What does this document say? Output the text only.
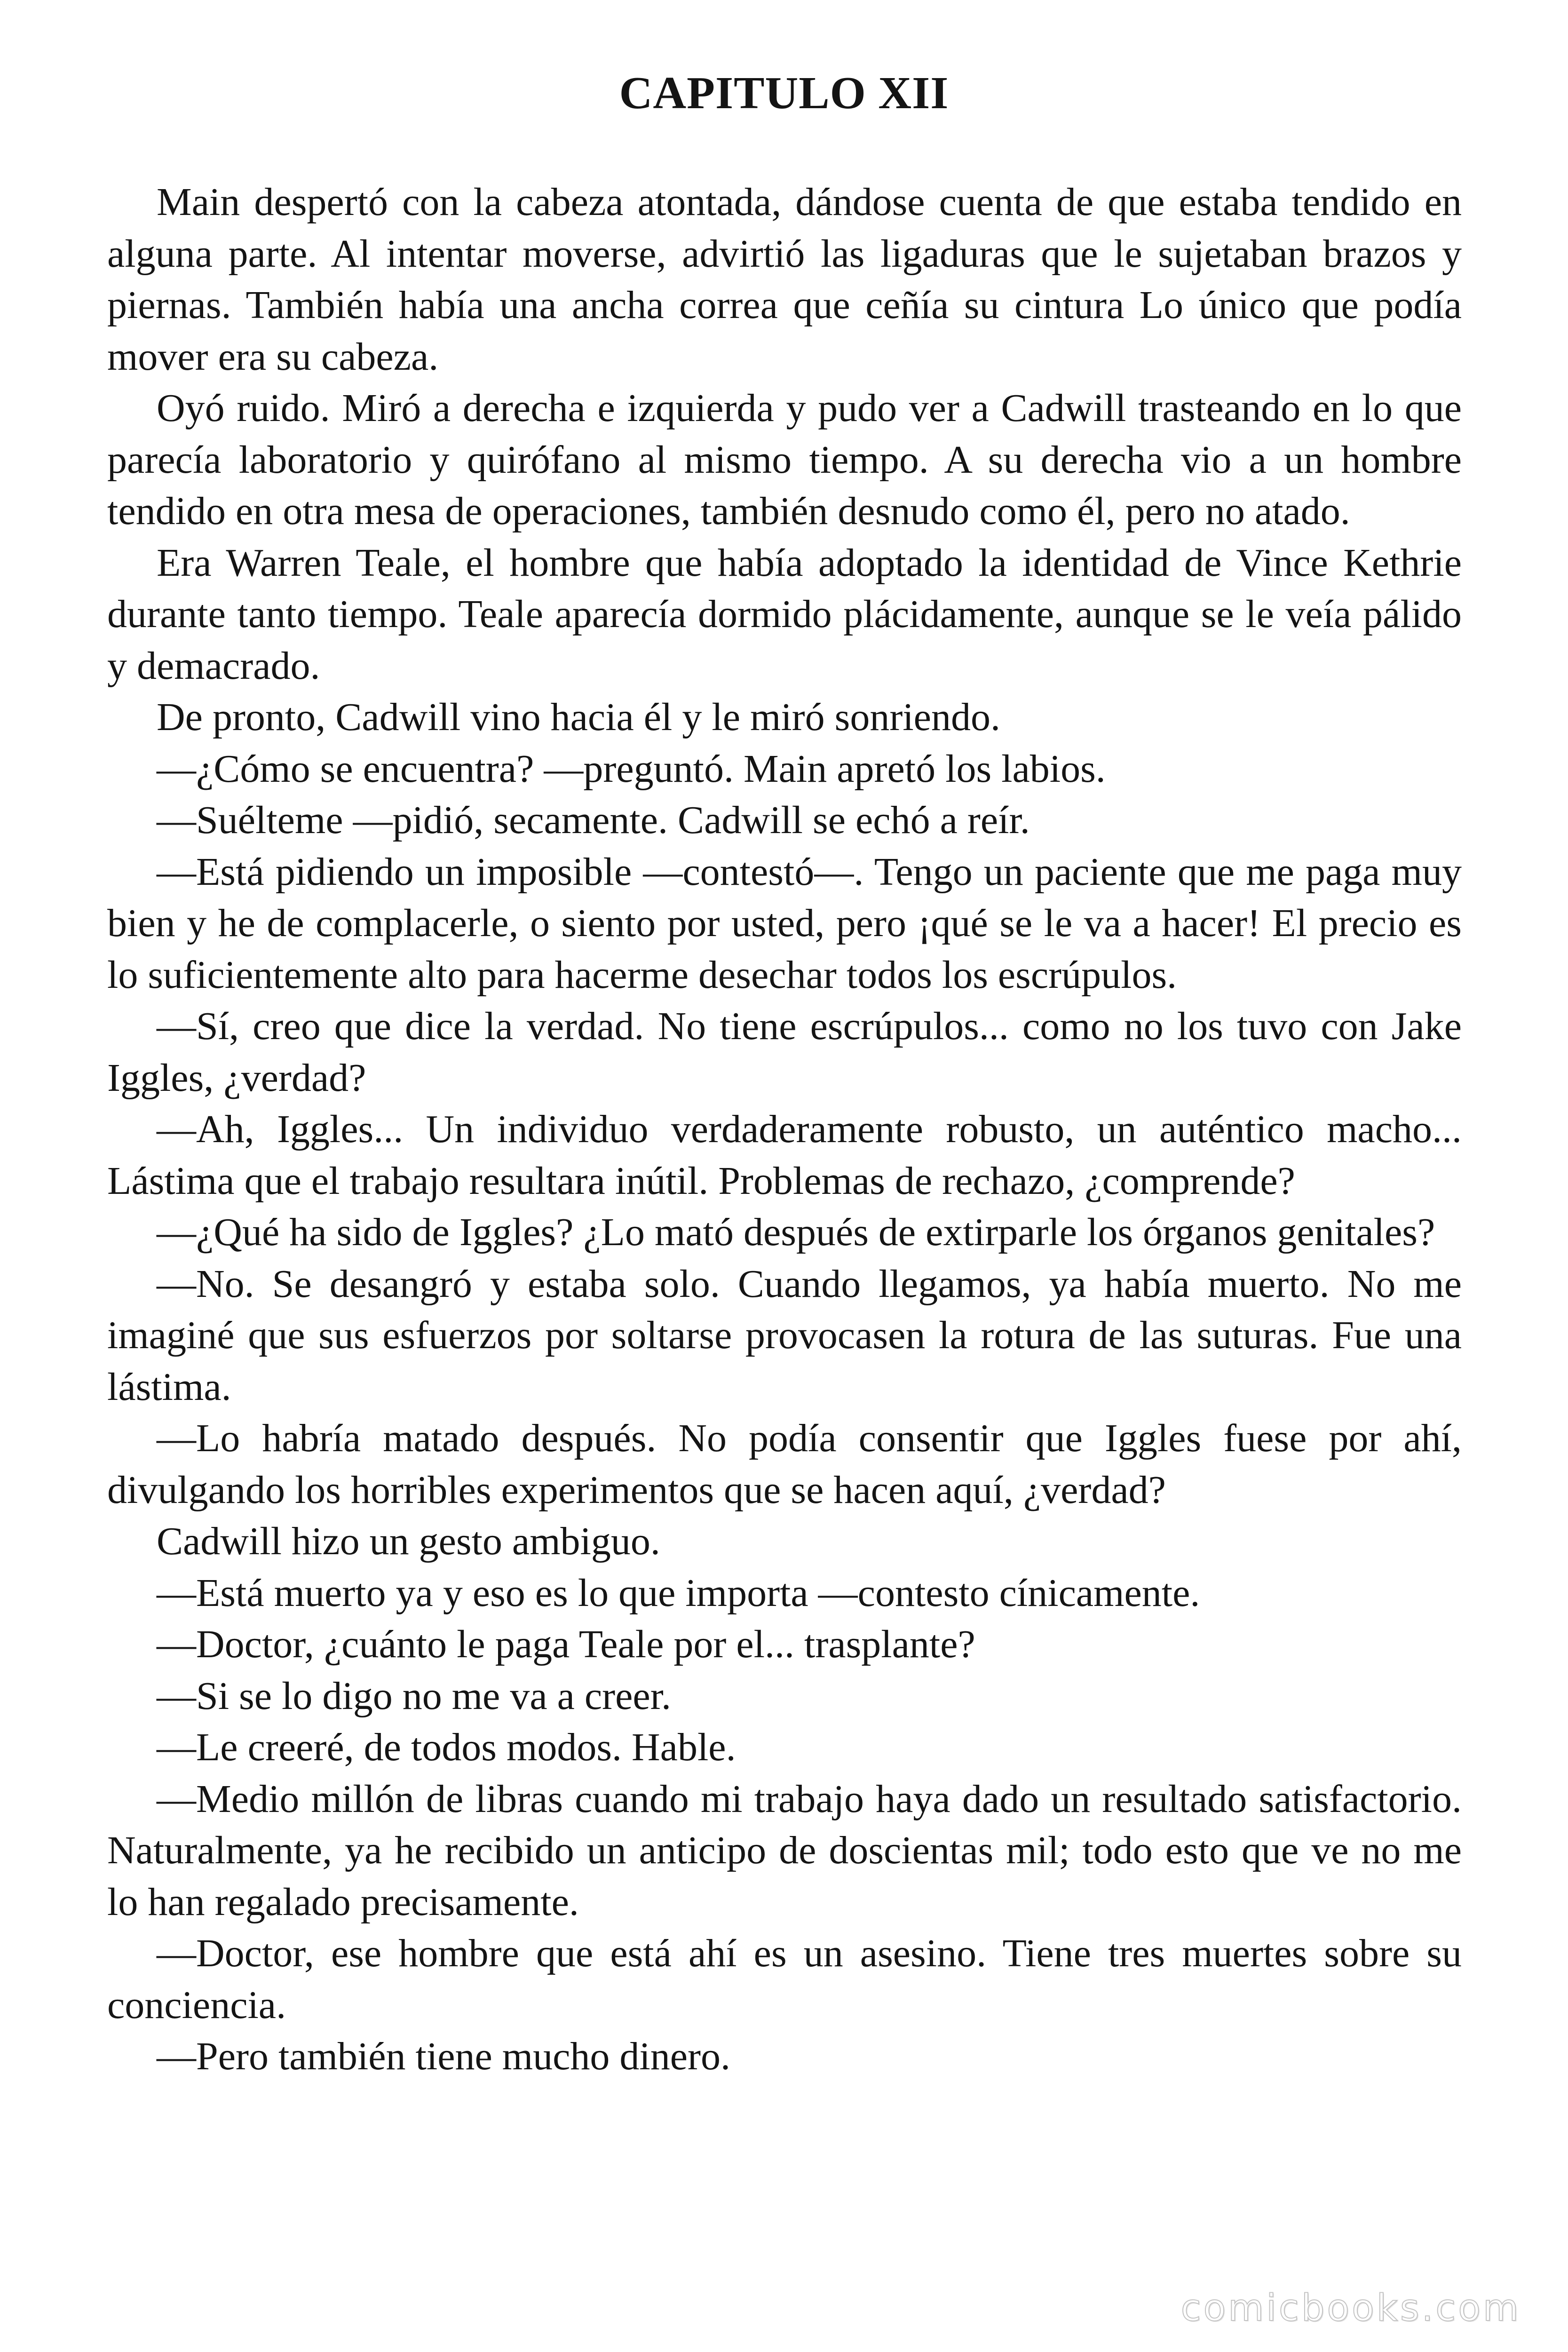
CAPITULO XII

Main despertó con la cabeza atontada, dándose cuenta de que estaba tendido en alguna parte. Al intentar moverse, advirtió las ligaduras que le sujetaban brazos y piernas. También había una ancha correa que ceñía su cintura Lo único que podía mover era su cabeza.

Oyó ruido. Miró a derecha e izquierda y pudo ver a Cadwill trasteando en lo que parecía laboratorio y quirófano al mismo tiempo. A su derecha vio a un hombre tendido en otra mesa de operaciones, también desnudo como él, pero no atado.

Era Warren Teale, el hombre que había adoptado la identidad de Vince Kethrie durante tanto tiempo. Teale aparecía dormido plácidamente, aunque se le veía pálido y demacrado.

De pronto, Cadwill vino hacia él y le miró sonriendo.

—¿Cómo se encuentra? —preguntó. Main apretó los labios.

—Suélteme —pidió, secamente. Cadwill se echó a reír.

—Está pidiendo un imposible —contestó—. Tengo un paciente que me paga muy bien y he de complacerle, o siento por usted, pero ¡qué se le va a hacer! El precio es lo suficientemente alto para hacerme desechar todos los escrúpulos.

—Sí, creo que dice la verdad. No tiene escrúpulos... como no los tuvo con Jake Iggles, ¿verdad?

—Ah, Iggles... Un individuo verdaderamente robusto, un auténtico macho... Lástima que el trabajo resultara inútil. Problemas de rechazo, ¿comprende?

—¿Qué ha sido de Iggles? ¿Lo mató después de extirparle los órganos genitales?

—No. Se desangró y estaba solo. Cuando llegamos, ya había muerto. No me imaginé que sus esfuerzos por soltarse provocasen la rotura de las suturas. Fue una lástima.

—Lo habría matado después. No podía consentir que Iggles fuese por ahí, divulgando los horribles experimentos que se hacen aquí, ¿verdad?

Cadwill hizo un gesto ambiguo.

—Está muerto ya y eso es lo que importa —contesto cínicamente.

—Doctor, ¿cuánto le paga Teale por el... trasplante?

—Si se lo digo no me va a creer.

—Le creeré, de todos modos. Hable.

—Medio millón de libras cuando mi trabajo haya dado un resultado satisfactorio. Naturalmente, ya he recibido un anticipo de doscientas mil; todo esto que ve no me lo han regalado precisamente.

—Doctor, ese hombre que está ahí es un asesino. Tiene tres muertes sobre su conciencia.

—Pero también tiene mucho dinero.

comicbooks.com
